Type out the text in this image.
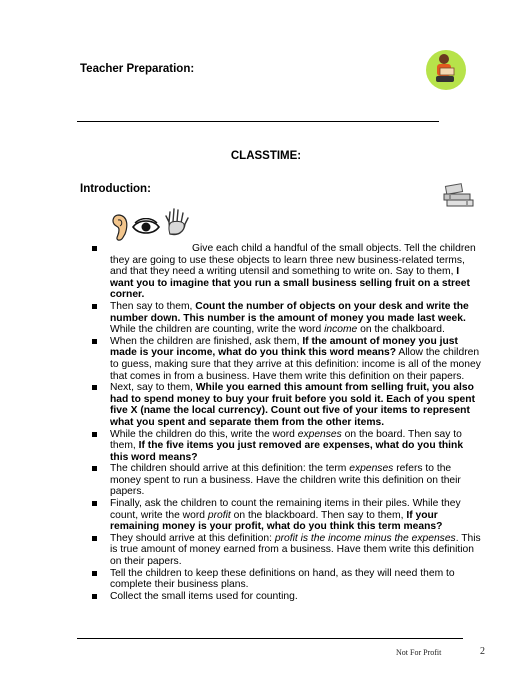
Teacher Preparation:
CLASSTIME:
Introduction:
Give each child a handful of the small objects. Tell the children they are going to use these objects to learn three new business-related terms, and that they need a writing utensil and something to write on. Say to them, I want you to imagine that you run a small business selling fruit on a street corner.
Then say to them, Count the number of objects on your desk and write the number down. This number is the amount of money you made last week. While the children are counting, write the word income on the chalkboard.
When the children are finished, ask them, If the amount of money you just made is your income, what do you think this word means? Allow the children to guess, making sure that they arrive at this definition: income is all of the money that comes in from a business. Have them write this definition on their papers.
Next, say to them, While you earned this amount from selling fruit, you also had to spend money to buy your fruit before you sold it. Each of you spent five X (name the local currency). Count out five of your items to represent what you spent and separate them from the other items.
While the children do this, write the word expenses on the board. Then say to them, If the five items you just removed are expenses, what do you think this word means?
The children should arrive at this definition: the term expenses refers to the money spent to run a business. Have the children write this definition on their papers.
Finally, ask the children to count the remaining items in their piles. While they count, write the word profit on the blackboard. Then say to them, If your remaining money is your profit, what do you think this term means?
They should arrive at this definition: profit is the income minus the expenses. This is true amount of money earned from a business. Have them write this definition on their papers.
Tell the children to keep these definitions on hand, as they will need them to complete their business plans.
Collect the small items used for counting.
Not For Profit	2
